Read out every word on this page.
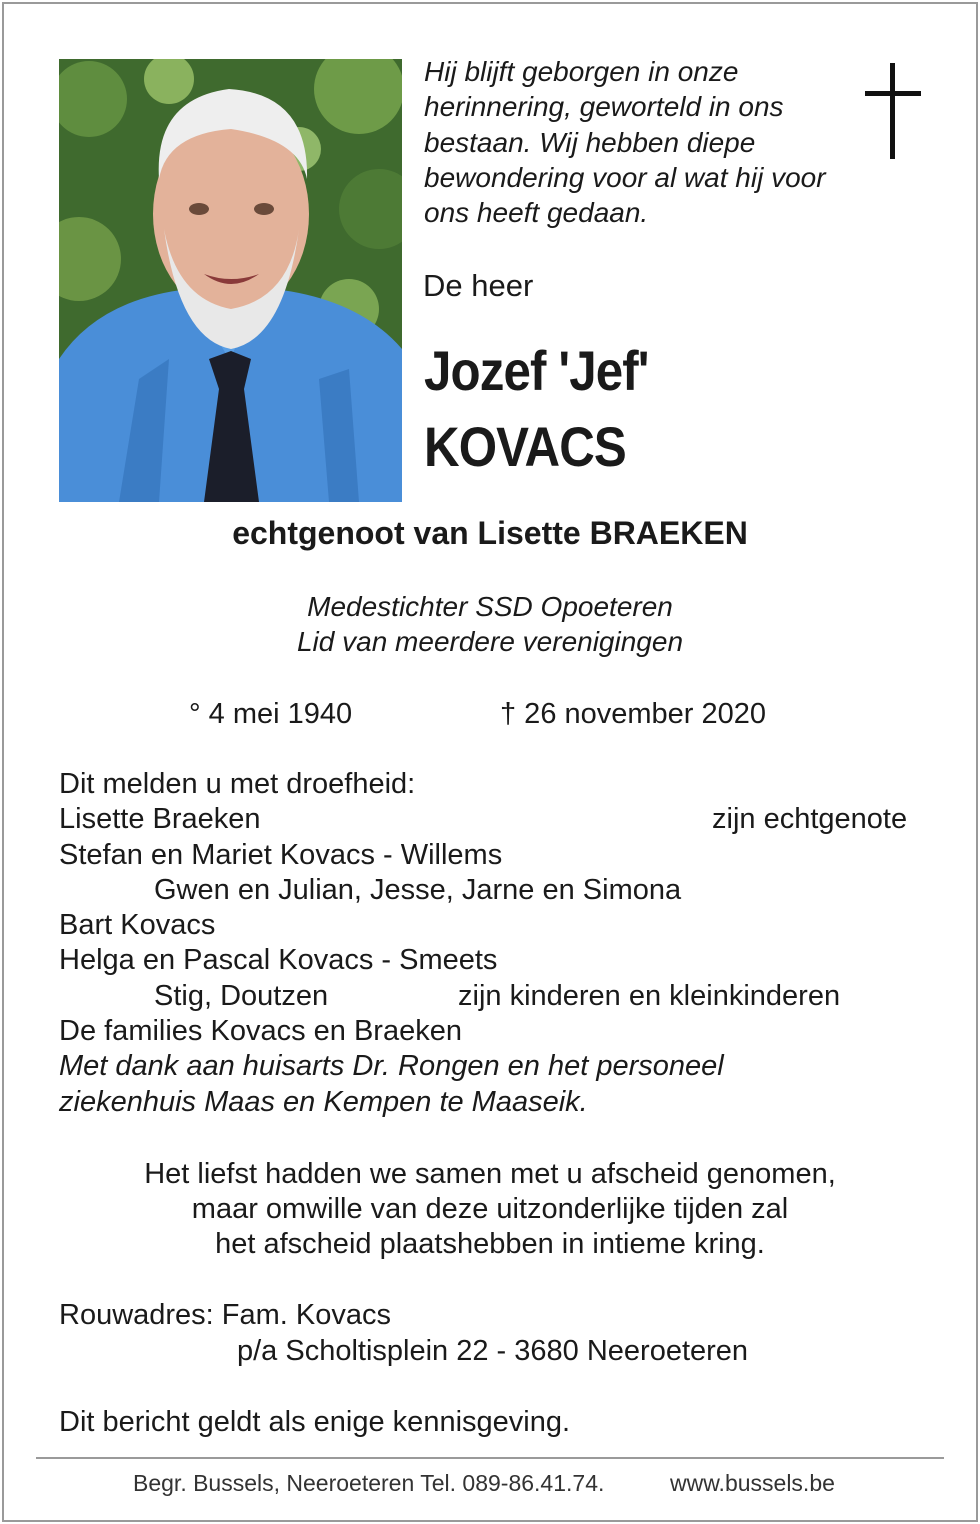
Hij blijft geborgen in onze
herinnering, geworteld in ons
bestaan. Wij hebben diepe
bewondering voor al wat hij voor
ons heeft gedaan.
De heer
Jozef 'Jef'
KOVACS
echtgenoot van Lisette BRAEKEN
Medestichter SSD Opoeteren
Lid van meerdere verenigingen
° 4 mei 1940	† 26 november 2020
Dit melden u met droefheid:
Lisette Braeken	zijn echtgenote
Stefan en Mariet Kovacs - Willems
Gwen en Julian, Jesse, Jarne en Simona
Bart Kovacs
Helga en Pascal Kovacs - Smeets
Stig, Doutzen	zijn kinderen en kleinkinderen
De families Kovacs en Braeken
Met dank aan huisarts Dr. Rongen en het personeel
ziekenhuis Maas en Kempen te Maaseik.
Het liefst hadden we samen met u afscheid genomen,
maar omwille van deze uitzonderlijke tijden zal
het afscheid plaatshebben in intieme kring.
Rouwadres: Fam. Kovacs
p/a Scholtisplein 22 - 3680 Neeroeteren
Dit bericht geldt als enige kennisgeving.
Begr. Bussels, Neeroeteren Tel. 089-86.41.74.	www.bussels.be
